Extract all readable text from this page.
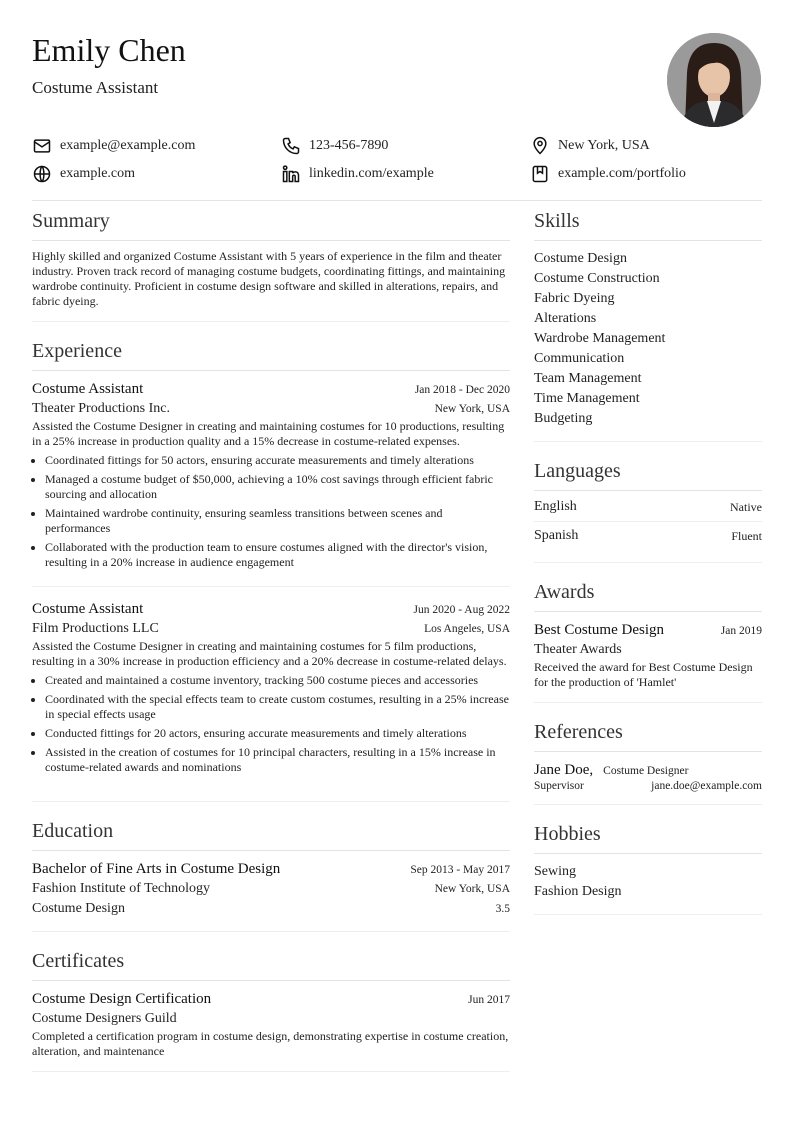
Emily Chen
Costume Assistant
example@example.com	123-456-7890	New York, USA
example.com	linkedin.com/example	example.com/portfolio
Summary
Highly skilled and organized Costume Assistant with 5 years of experience in the film and theater industry. Proven track record of managing costume budgets, coordinating fittings, and maintaining wardrobe continuity. Proficient in costume design software and skilled in alterations, repairs, and fabric dyeing.
Experience
Costume Assistant	Jan 2018 - Dec 2020
Theater Productions Inc.	New York, USA
Assisted the Costume Designer in creating and maintaining costumes for 10 productions, resulting in a 25% increase in production quality and a 15% decrease in costume-related expenses.
• Coordinated fittings for 50 actors, ensuring accurate measurements and timely alterations
• Managed a costume budget of $50,000, achieving a 10% cost savings through efficient fabric sourcing and allocation
• Maintained wardrobe continuity, ensuring seamless transitions between scenes and performances
• Collaborated with the production team to ensure costumes aligned with the director's vision, resulting in a 20% increase in audience engagement
Costume Assistant	Jun 2020 - Aug 2022
Film Productions LLC	Los Angeles, USA
Assisted the Costume Designer in creating and maintaining costumes for 5 film productions, resulting in a 30% increase in production efficiency and a 20% decrease in costume-related delays.
• Created and maintained a costume inventory, tracking 500 costume pieces and accessories
• Coordinated with the special effects team to create custom costumes, resulting in a 25% increase in special effects usage
• Conducted fittings for 20 actors, ensuring accurate measurements and timely alterations
• Assisted in the creation of costumes for 10 principal characters, resulting in a 15% increase in costume-related awards and nominations
Education
Bachelor of Fine Arts in Costume Design	Sep 2013 - May 2017
Fashion Institute of Technology	New York, USA
Costume Design	3.5
Certificates
Costume Design Certification	Jun 2017
Costume Designers Guild
Completed a certification program in costume design, demonstrating expertise in costume creation, alteration, and maintenance
Skills
Costume Design
Costume Construction
Fabric Dyeing
Alterations
Wardrobe Management
Communication
Team Management
Time Management
Budgeting
Languages
English	Native
Spanish	Fluent
Awards
Best Costume Design	Jan 2019
Theater Awards
Received the award for Best Costume Design for the production of 'Hamlet'
References
Jane Doe, Costume Designer
Supervisor	jane.doe@example.com
Hobbies
Sewing
Fashion Design
